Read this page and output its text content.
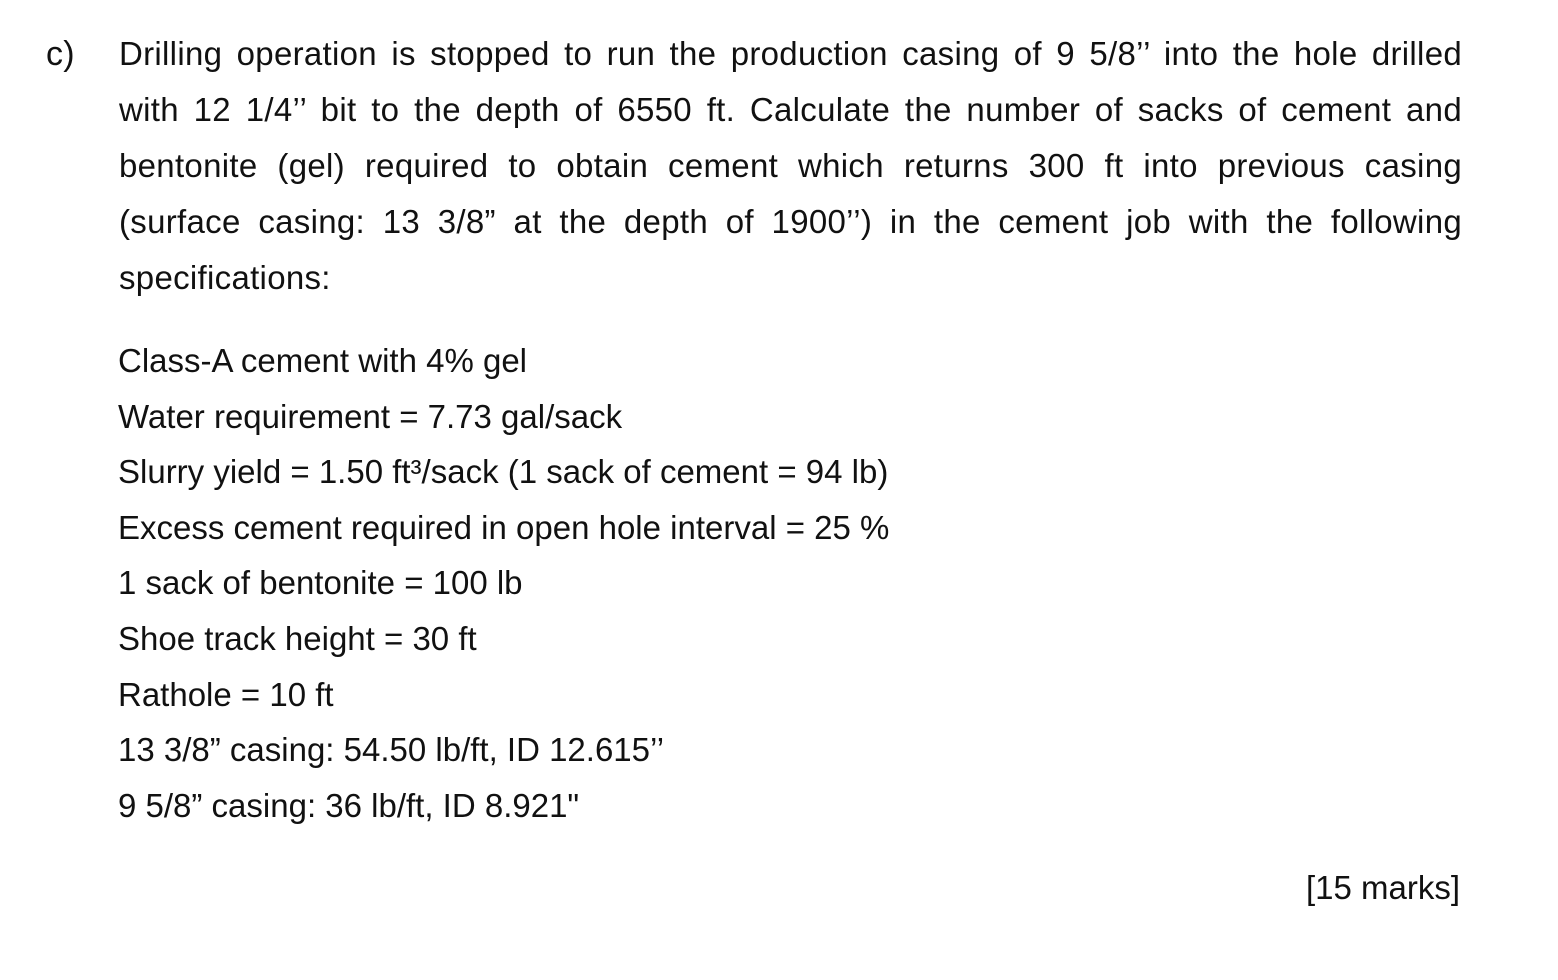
c) Drilling operation is stopped to run the production casing of 9 5/8’’ into the hole drilled with 12 1/4’’ bit to the depth of 6550 ft. Calculate the number of sacks of cement and bentonite (gel) required to obtain cement which returns 300 ft into previous casing (surface casing: 13 3/8” at the depth of 1900’’) in the cement job with the following specifications:
Class-A cement with 4% gel
Water requirement = 7.73 gal/sack
Slurry yield = 1.50 ft³/sack (1 sack of cement = 94 lb)
Excess cement required in open hole interval = 25 %
1 sack of bentonite = 100 lb
Shoe track height = 30 ft
Rathole = 10 ft
13 3/8” casing: 54.50 lb/ft, ID 12.615’’
9 5/8” casing: 36 lb/ft, ID 8.921"
[15 marks]
